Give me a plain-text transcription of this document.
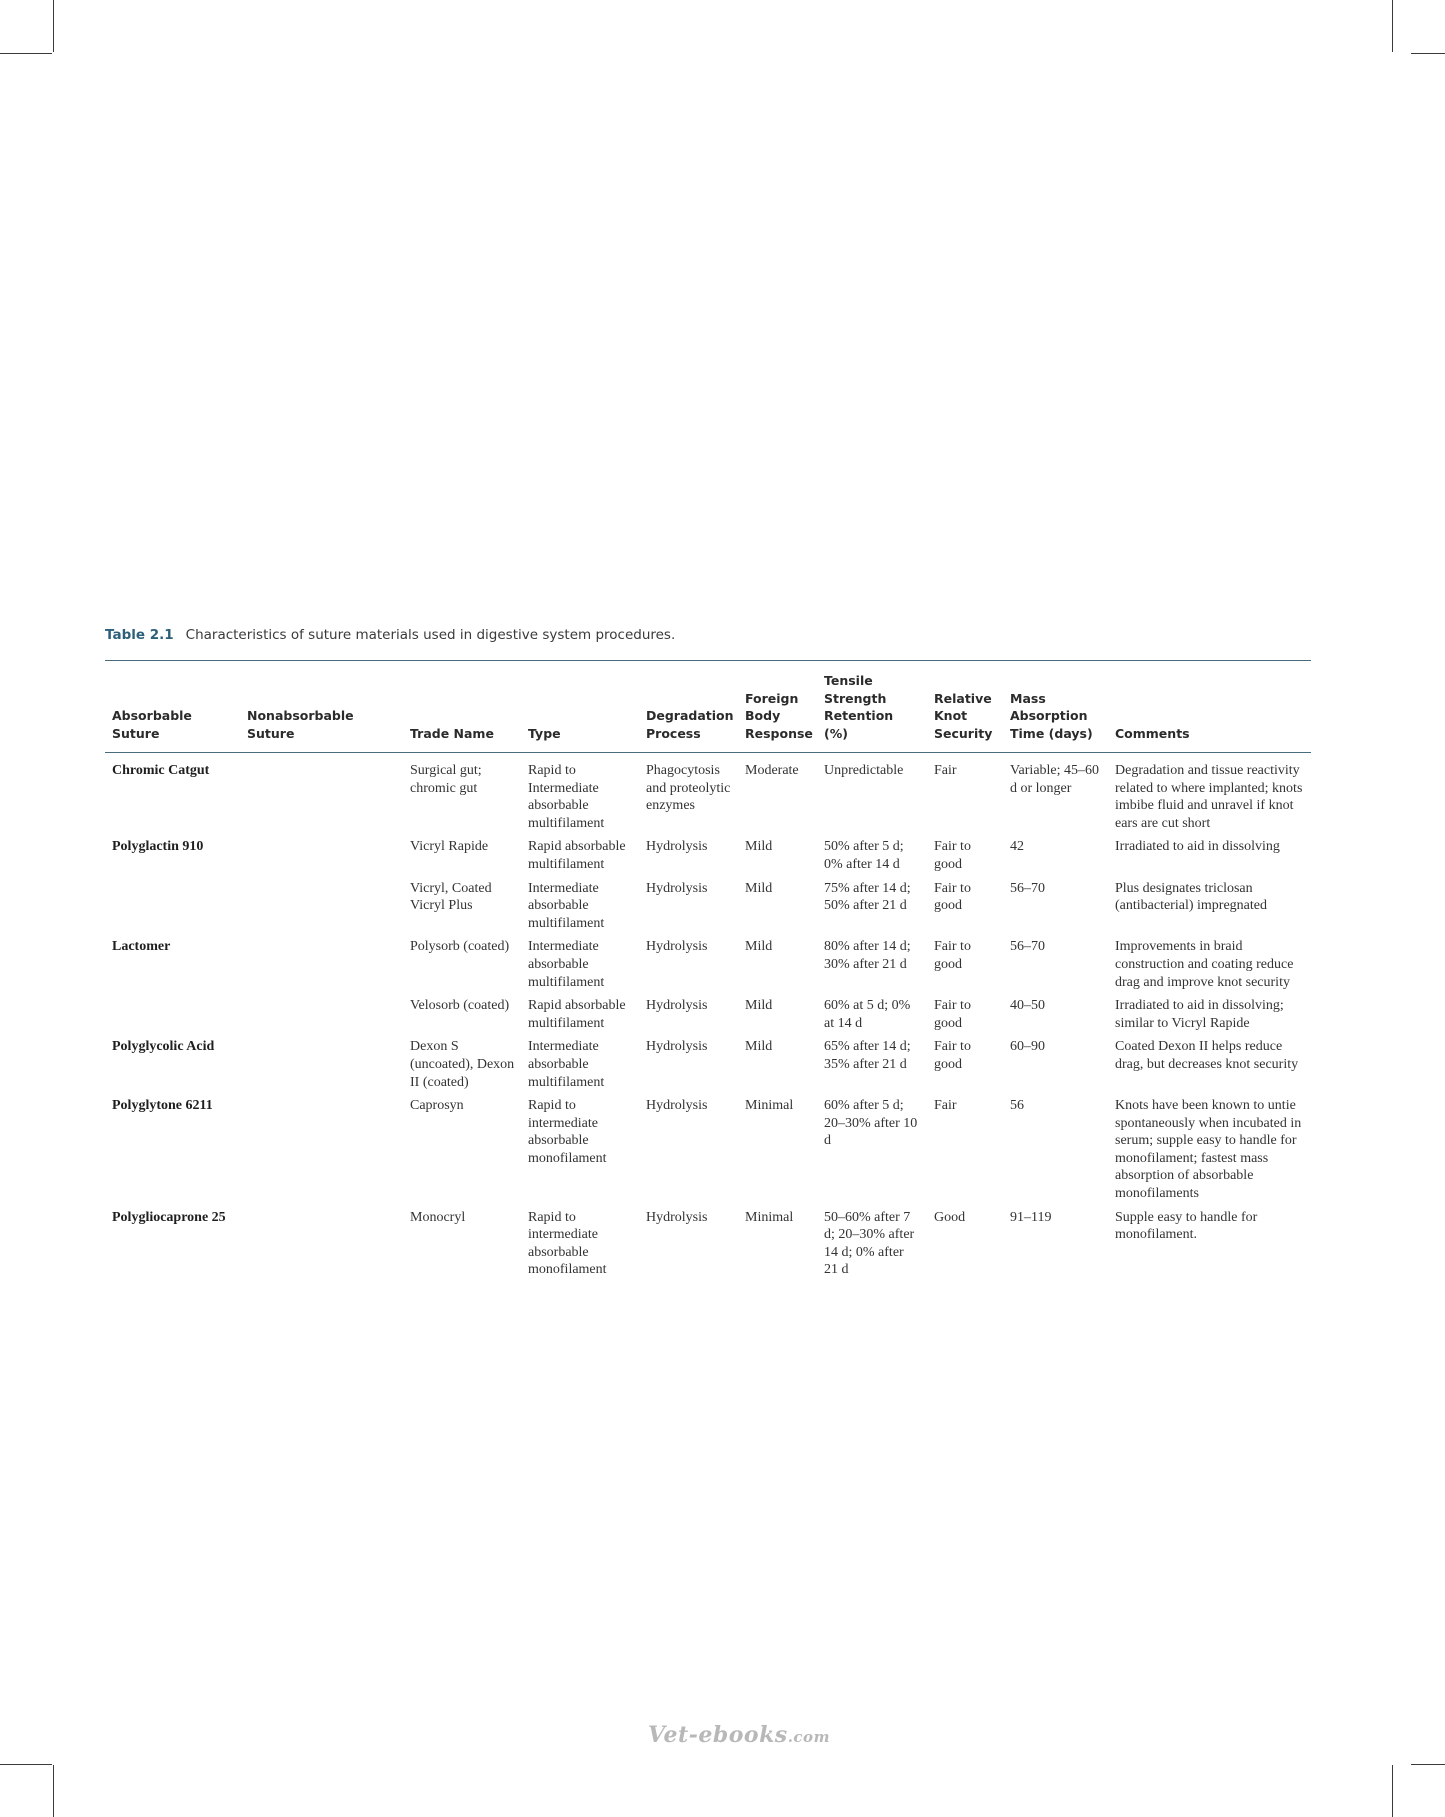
Table 2.1 Characteristics of suture materials used in digestive system procedures.
Absorbable Suture	Nonabsorbable Suture	Trade Name	Type	Degradation Process	Foreign Body Response	Tensile Strength Retention (%)	Relative Knot Security	Mass Absorption Time (days)	Comments
Chromic Catgut		Surgical gut; chromic gut	Rapid to Intermediate absorbable multifilament	Phagocytosis and proteolytic enzymes	Moderate	Unpredictable	Fair	Variable; 45–60 d or longer	Degradation and tissue reactivity related to where implanted; knots imbibe fluid and unravel if knot ears are cut short
Polyglactin 910		Vicryl Rapide	Rapid absorbable multifilament	Hydrolysis	Mild	50% after 5 d; 0% after 14 d	Fair to good	42	Irradiated to aid in dissolving
		Vicryl, Coated Vicryl Plus	Intermediate absorbable multifilament	Hydrolysis	Mild	75% after 14 d; 50% after 21 d	Fair to good	56–70	Plus designates triclosan (antibacterial) impregnated
Lactomer		Polysorb (coated)	Intermediate absorbable multifilament	Hydrolysis	Mild	80% after 14 d; 30% after 21 d	Fair to good	56–70	Improvements in braid construction and coating reduce drag and improve knot security
		Velosorb (coated)	Rapid absorbable multifilament	Hydrolysis	Mild	60% at 5 d; 0% at 14 d	Fair to good	40–50	Irradiated to aid in dissolving; similar to Vicryl Rapide
Polyglycolic Acid		Dexon S (uncoated), Dexon II (coated)	Intermediate absorbable multifilament	Hydrolysis	Mild	65% after 14 d; 35% after 21 d	Fair to good	60–90	Coated Dexon II helps reduce drag, but decreases knot security
Polyglytone 6211		Caprosyn	Rapid to intermediate absorbable monofilament	Hydrolysis	Minimal	60% after 5 d; 20–30% after 10 d	Fair	56	Knots have been known to untie spontaneously when incubated in serum; supple easy to handle for monofilament; fastest mass absorption of absorbable monofilaments
Polygliocaprone 25		Monocryl	Rapid to intermediate absorbable monofilament	Hydrolysis	Minimal	50–60% after 7 d; 20–30% after 14 d; 0% after 21 d	Good	91–119	Supple easy to handle for monofilament.
Vet-ebooks.com
